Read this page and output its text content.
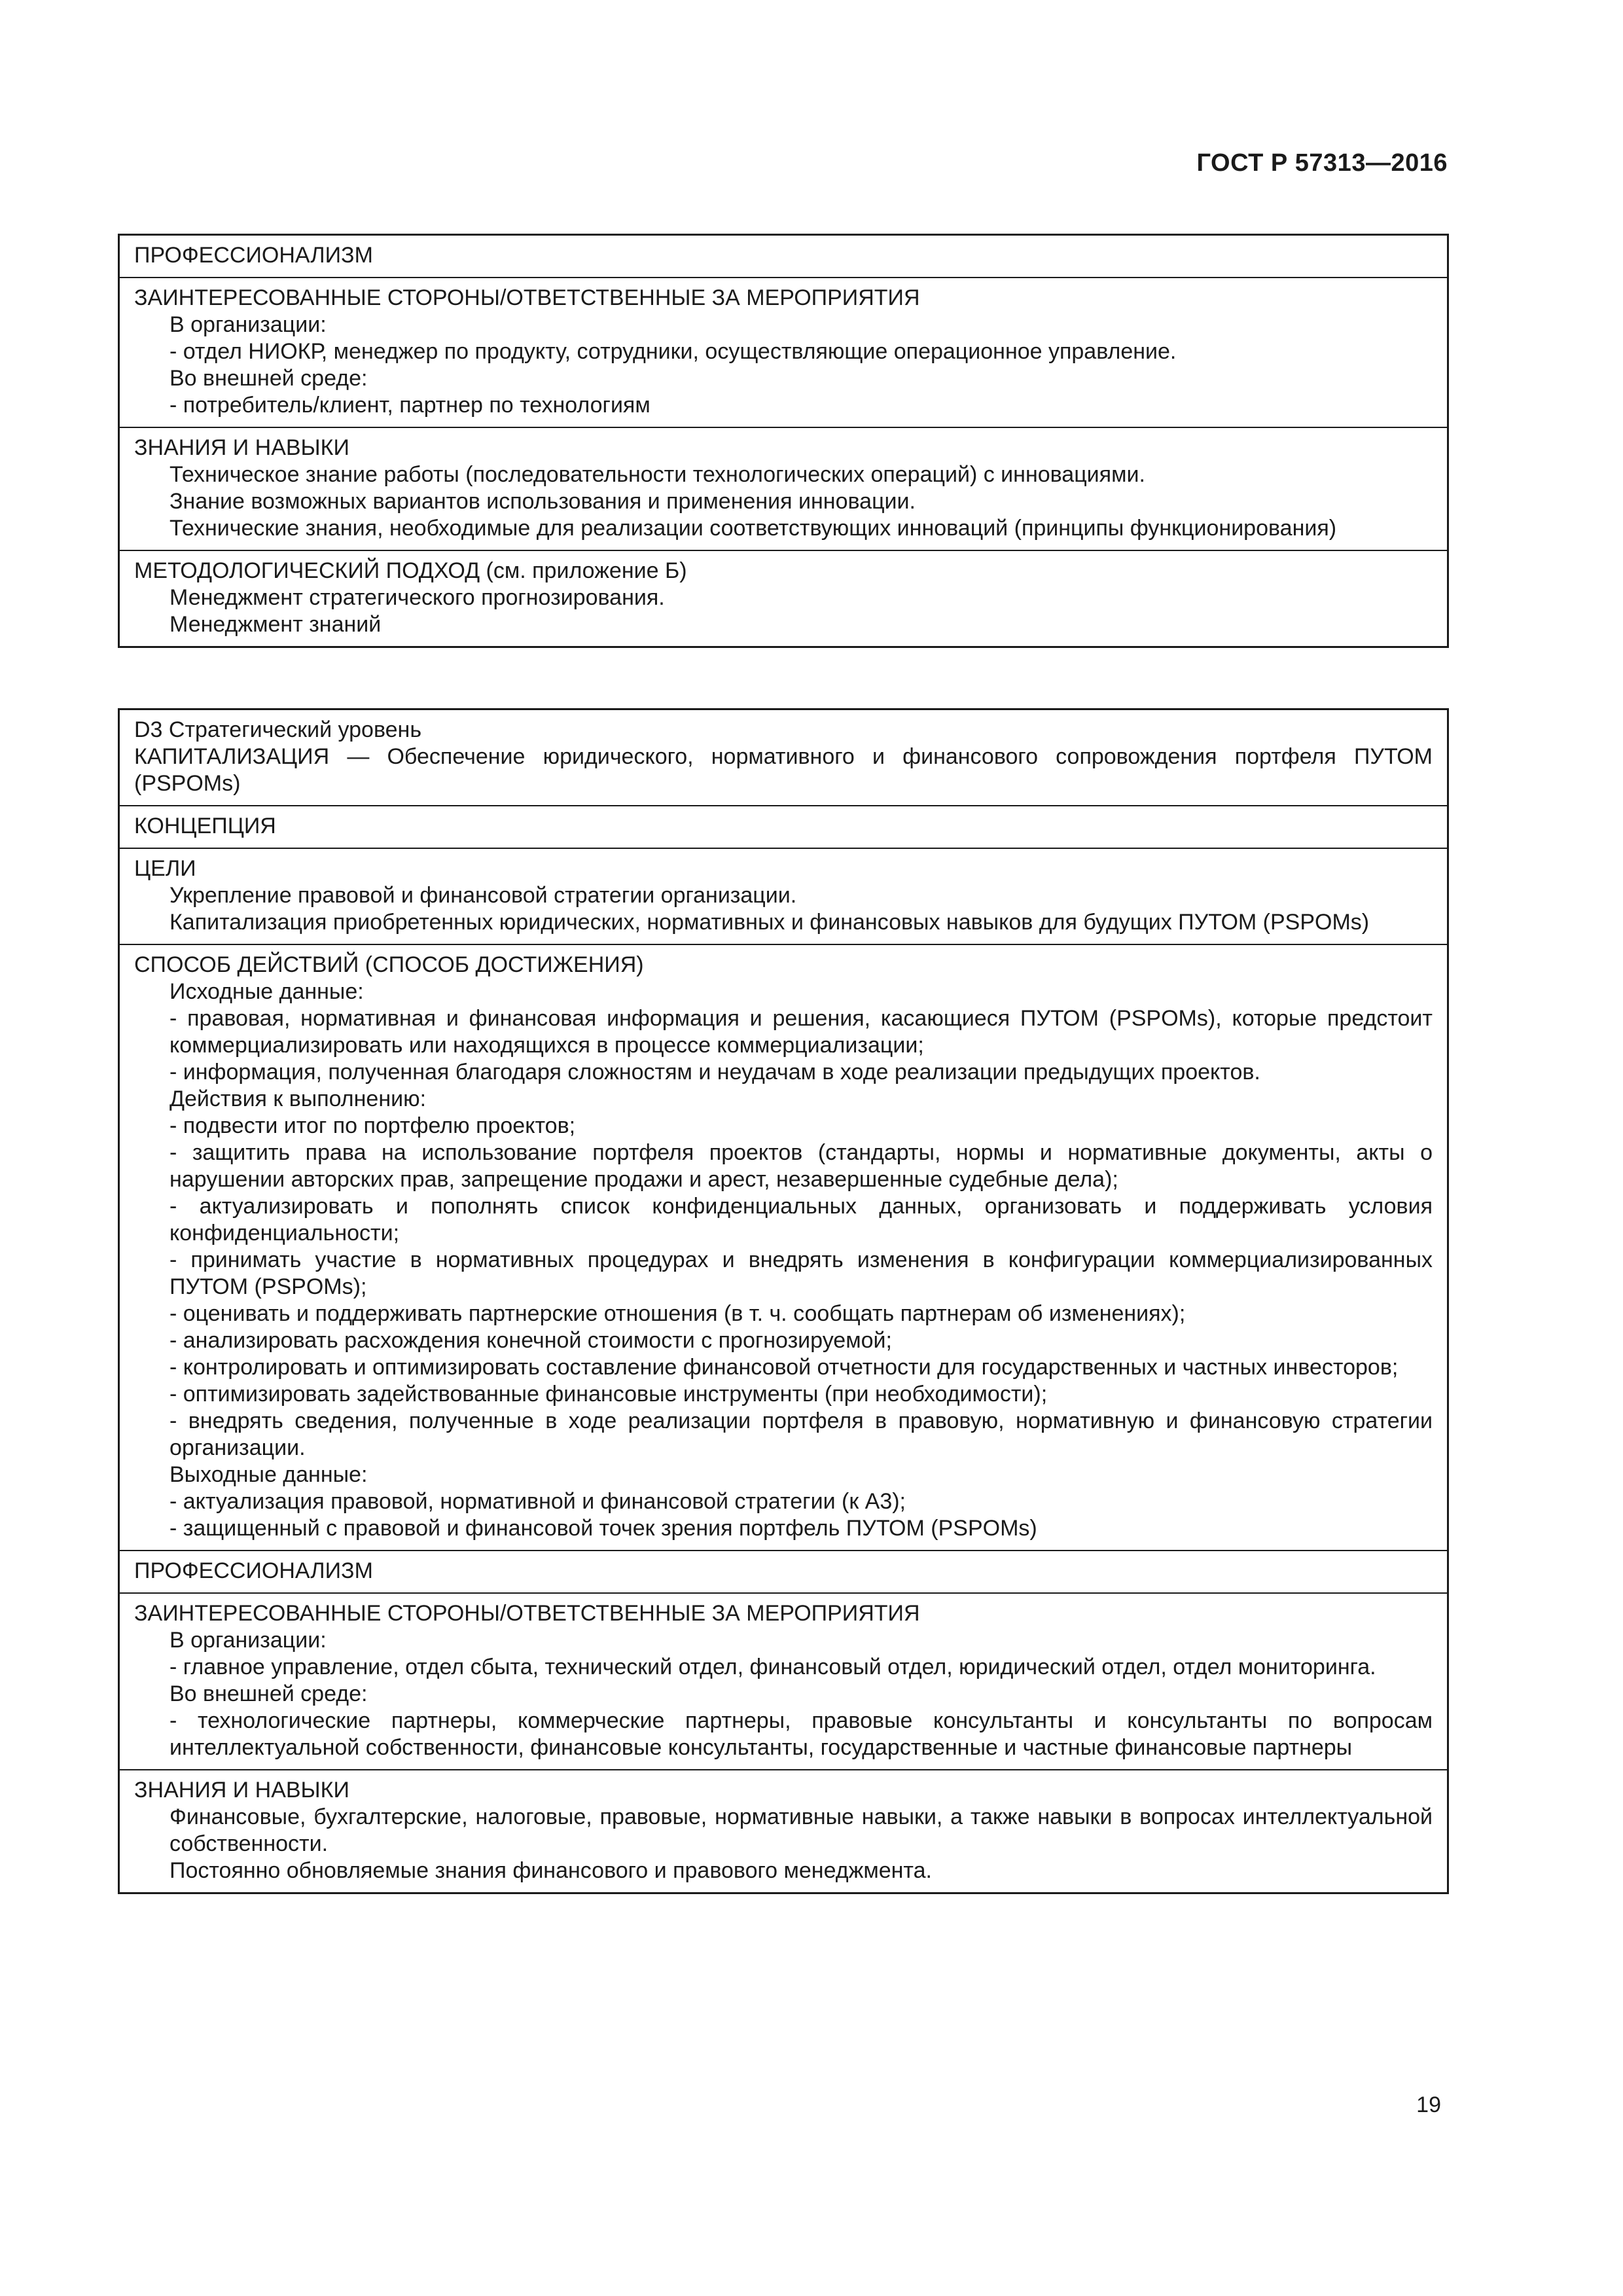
ГОСТ Р 57313—2016
ПРОФЕССИОНАЛИЗМ
ЗАИНТЕРЕСОВАННЫЕ СТОРОНЫ/ОТВЕТСТВЕННЫЕ ЗА МЕРОПРИЯТИЯ
В организации:
- отдел НИОКР, менеджер по продукту, сотрудники, осуществляющие операционное управление.
Во внешней среде:
- потребитель/клиент, партнер по технологиям
ЗНАНИЯ И НАВЫКИ
Техническое знание работы (последовательности технологических операций) с инновациями.
Знание возможных вариантов использования и применения инновации.
Технические знания, необходимые для реализации соответствующих инноваций (принципы функционирования)
МЕТОДОЛОГИЧЕСКИЙ ПОДХОД (см. приложение Б)
Менеджмент стратегического прогнозирования.
Менеджмент знаний
D3 Стратегический уровень
КАПИТАЛИЗАЦИЯ — Обеспечение юридического, нормативного и финансового сопровождения портфеля ПУТОМ (PSPOMs)
КОНЦЕПЦИЯ
ЦЕЛИ
Укрепление правовой и финансовой стратегии организации.
Капитализация приобретенных юридических, нормативных и финансовых навыков для будущих ПУТОМ (PSPOMs)
СПОСОБ ДЕЙСТВИЙ (СПОСОБ ДОСТИЖЕНИЯ)
Исходные данные:
- правовая, нормативная и финансовая информация и решения, касающиеся ПУТОМ (PSPOMs), которые предстоит коммерциализировать или находящихся в процессе коммерциализации;
- информация, полученная благодаря сложностям и неудачам в ходе реализации предыдущих проектов.
Действия к выполнению:
- подвести итог по портфелю проектов;
- защитить права на использование портфеля проектов (стандарты, нормы и нормативные документы, акты о нарушении авторских прав, запрещение продажи и арест, незавершенные судебные дела);
- актуализировать и пополнять список конфиденциальных данных, организовать и поддерживать условия конфиденциальности;
- принимать участие в нормативных процедурах и внедрять изменения в конфигурации коммерциализированных ПУТОМ (PSPOMs);
- оценивать и поддерживать партнерские отношения (в т. ч. сообщать партнерам об изменениях);
- анализировать расхождения конечной стоимости с прогнозируемой;
- контролировать и оптимизировать составление финансовой отчетности для государственных и частных инвесторов;
- оптимизировать задействованные финансовые инструменты (при необходимости);
- внедрять сведения, полученные в ходе реализации портфеля в правовую, нормативную и финансовую стратегии организации.
Выходные данные:
- актуализация правовой, нормативной и финансовой стратегии (к А3);
- защищенный с правовой и финансовой точек зрения портфель ПУТОМ (PSPOMs)
ПРОФЕССИОНАЛИЗМ
ЗАИНТЕРЕСОВАННЫЕ СТОРОНЫ/ОТВЕТСТВЕННЫЕ ЗА МЕРОПРИЯТИЯ
В организации:
- главное управление, отдел сбыта, технический отдел, финансовый отдел, юридический отдел, отдел мониторинга.
Во внешней среде:
- технологические партнеры, коммерческие партнеры, правовые консультанты и консультанты по вопросам интеллектуальной собственности, финансовые консультанты, государственные и частные финансовые партнеры
ЗНАНИЯ И НАВЫКИ
Финансовые, бухгалтерские, налоговые, правовые, нормативные навыки, а также навыки в вопросах интеллектуальной собственности.
Постоянно обновляемые знания финансового и правового менеджмента.
19
